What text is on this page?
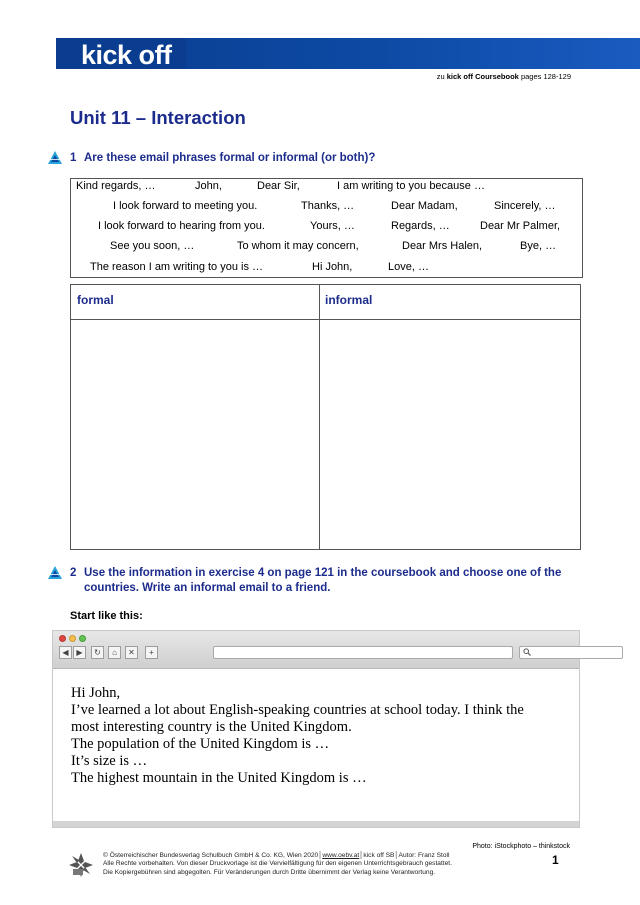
kick off
zu kick off Coursebook pages 128-129
Unit 11 – Interaction
1 Are these email phrases formal or informal (or both)?
Kind regards, …	John,	Dear Sir,	I am writing to you because …
I look forward to meeting you.	Thanks, …	Dear Madam,	Sincerely, …
I look forward to hearing from you.	Yours, …	Regards, …	Dear Mr Palmer,
See you soon, …	To whom it may concern,	Dear Mrs Halen,	Bye, …
The reason I am writing to you is …	Hi John,	Love, …
formal	informal
2 Use the information in exercise 4 on page 121 in the coursebook and choose one of the countries. Write an informal email to a friend.
Start like this:
◀ ▶	↻	⌂	✕	+
Hi John,
I’ve learned a lot about English-speaking countries at school today. I think the
most interesting country is the United Kingdom.
The population of the United Kingdom is …
It’s size is …
The highest mountain in the United Kingdom is …
Photo: iStockphoto – thinkstock
© Österreichischer Bundesverlag Schulbuch GmbH & Co. KG, Wien 2020│www.oebv.at│kick off SB│Autor: Franz Stoll
Alle Rechte vorbehalten. Von dieser Druckvorlage ist die Vervielfältigung für den eigenen Unterrichtsgebrauch gestattet.
Die Kopiergebühren sind abgegolten. Für Veränderungen durch Dritte übernimmt der Verlag keine Verantwortung.
1
